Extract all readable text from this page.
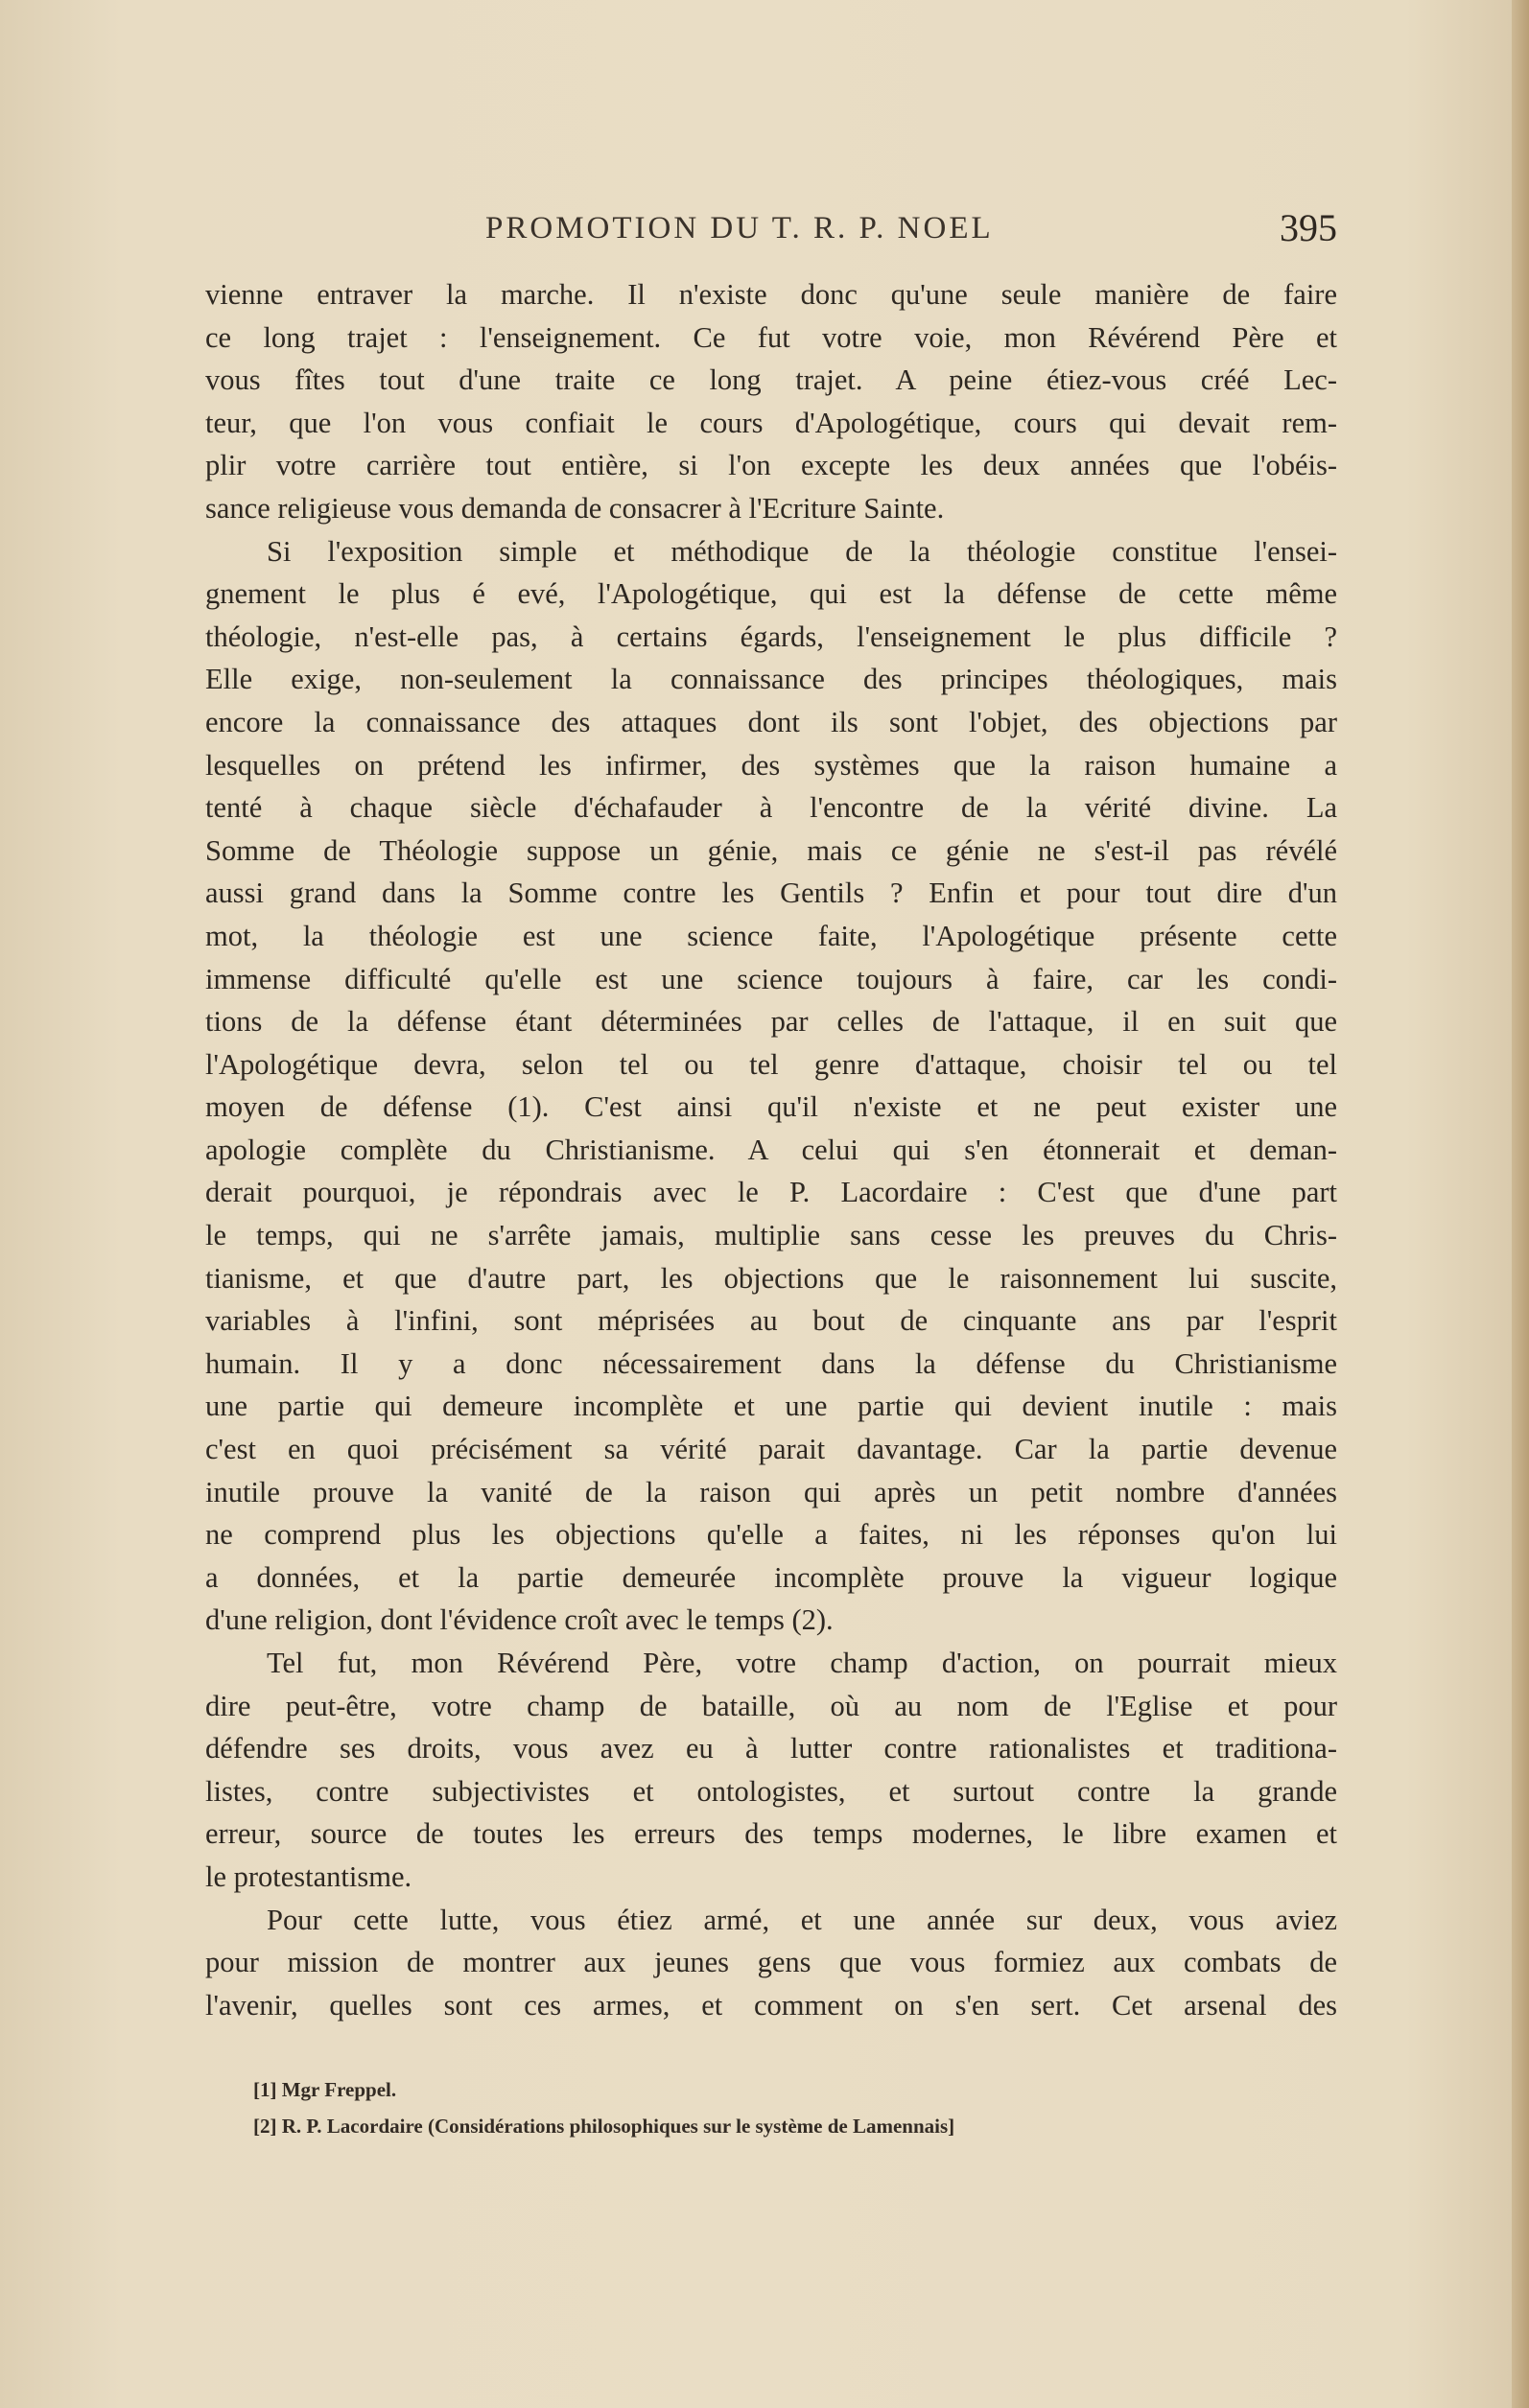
PROMOTION DU T. R. P. NOEL	395
vienne entraver la marche. Il n'existe donc qu'une seule manière de faire
ce long trajet : l'enseignement. Ce fut votre voie, mon Révérend Père et
vous fîtes tout d'une traite ce long trajet. A peine étiez-vous créé Lec-
teur, que l'on vous confiait le cours d'Apologétique, cours qui devait rem-
plir votre carrière tout entière, si l'on excepte les deux années que l'obéis-
sance religieuse vous demanda de consacrer à l'Ecriture Sainte.
Si l'exposition simple et méthodique de la théologie constitue l'ensei-
gnement le plus é evé, l'Apologétique, qui est la défense de cette même
théologie, n'est-elle pas, à certains égards, l'enseignement le plus difficile ?
Elle exige, non-seulement la connaissance des principes théologiques, mais
encore la connaissance des attaques dont ils sont l'objet, des objections par
lesquelles on prétend les infirmer, des systèmes que la raison humaine a
tenté à chaque siècle d'échafauder à l'encontre de la vérité divine. La
Somme de Théologie suppose un génie, mais ce génie ne s'est-il pas révélé
aussi grand dans la Somme contre les Gentils ? Enfin et pour tout dire d'un
mot, la théologie est une science faite, l'Apologétique présente cette
immense difficulté qu'elle est une science toujours à faire, car les condi-
tions de la défense étant déterminées par celles de l'attaque, il en suit que
l'Apologétique devra, selon tel ou tel genre d'attaque, choisir tel ou tel
moyen de défense (1). C'est ainsi qu'il n'existe et ne peut exister une
apologie complète du Christianisme. A celui qui s'en étonnerait et deman-
derait pourquoi, je répondrais avec le P. Lacordaire : C'est que d'une part
le temps, qui ne s'arrête jamais, multiplie sans cesse les preuves du Chris-
tianisme, et que d'autre part, les objections que le raisonnement lui suscite,
variables à l'infini, sont méprisées au bout de cinquante ans par l'esprit
humain. Il y a donc nécessairement dans la défense du Christianisme
une partie qui demeure incomplète et une partie qui devient inutile : mais
c'est en quoi précisément sa vérité parait davantage. Car la partie devenue
inutile prouve la vanité de la raison qui après un petit nombre d'années
ne comprend plus les objections qu'elle a faites, ni les réponses qu'on lui
a données, et la partie demeurée incomplète prouve la vigueur logique
d'une religion, dont l'évidence croît avec le temps (2).
Tel fut, mon Révérend Père, votre champ d'action, on pourrait mieux
dire peut-être, votre champ de bataille, où au nom de l'Eglise et pour
défendre ses droits, vous avez eu à lutter contre rationalistes et traditiona-
listes, contre subjectivistes et ontologistes, et surtout contre la grande
erreur, source de toutes les erreurs des temps modernes, le libre examen et
le protestantisme.
Pour cette lutte, vous étiez armé, et une année sur deux, vous aviez
pour mission de montrer aux jeunes gens que vous formiez aux combats de
l'avenir, quelles sont ces armes, et comment on s'en sert. Cet arsenal des
[1] Mgr Freppel.
[2] R. P. Lacordaire (Considérations philosophiques sur le système de Lamennais]
